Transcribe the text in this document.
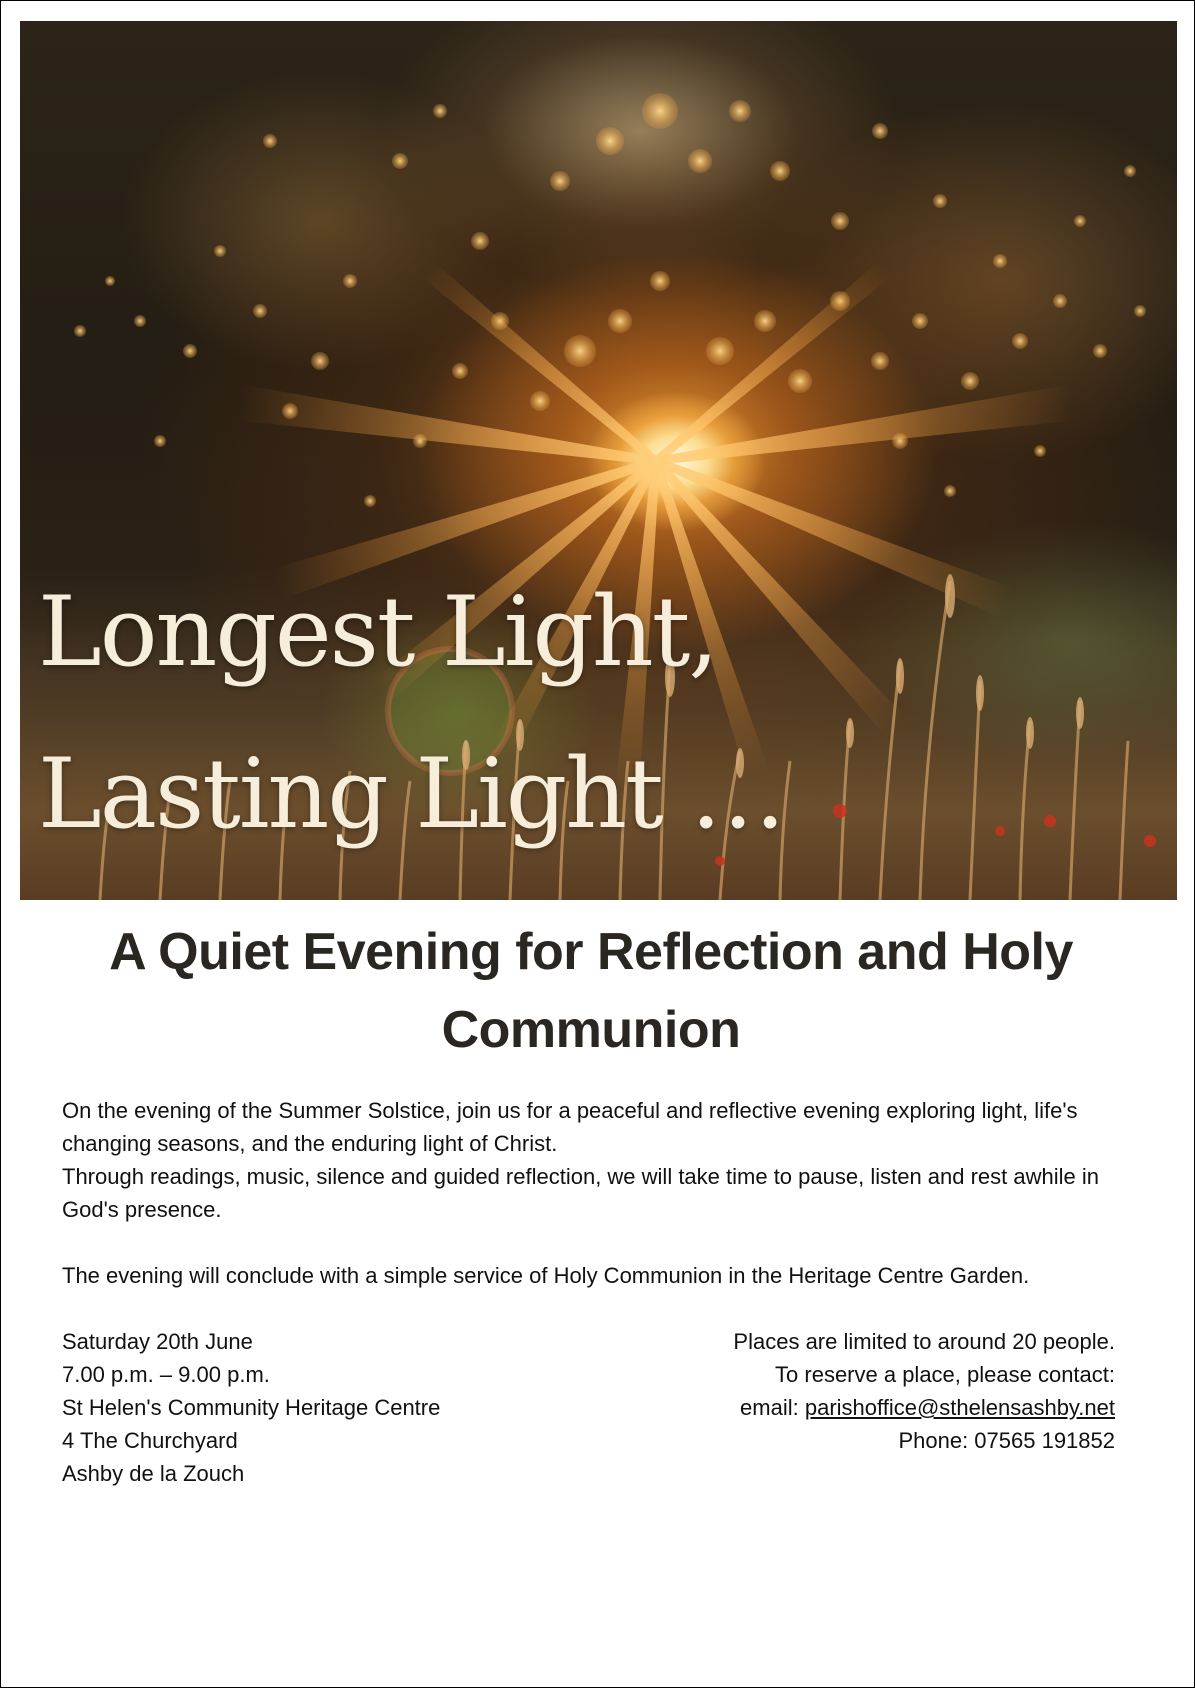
Longest Light,
Lasting Light …
A Quiet Evening for Reflection and Holy
Communion

On the evening of the Summer Solstice, join us for a peaceful and reflective evening exploring light, life's changing seasons, and the enduring light of Christ.

Through readings, music, silence and guided reflection, we will take time to pause, listen and rest awhile in God's presence.

The evening will conclude with a simple service of Holy Communion in the Heritage Centre Garden.

Saturday 20th June
7.00 p.m. – 9.00 p.m.
St Helen's Community Heritage Centre
4 The Churchyard
Ashby de la Zouch
Places are limited to around 20 people.
To reserve a place, please contact:
email: parishoffice@sthelensashby.net
Phone: 07565 191852
